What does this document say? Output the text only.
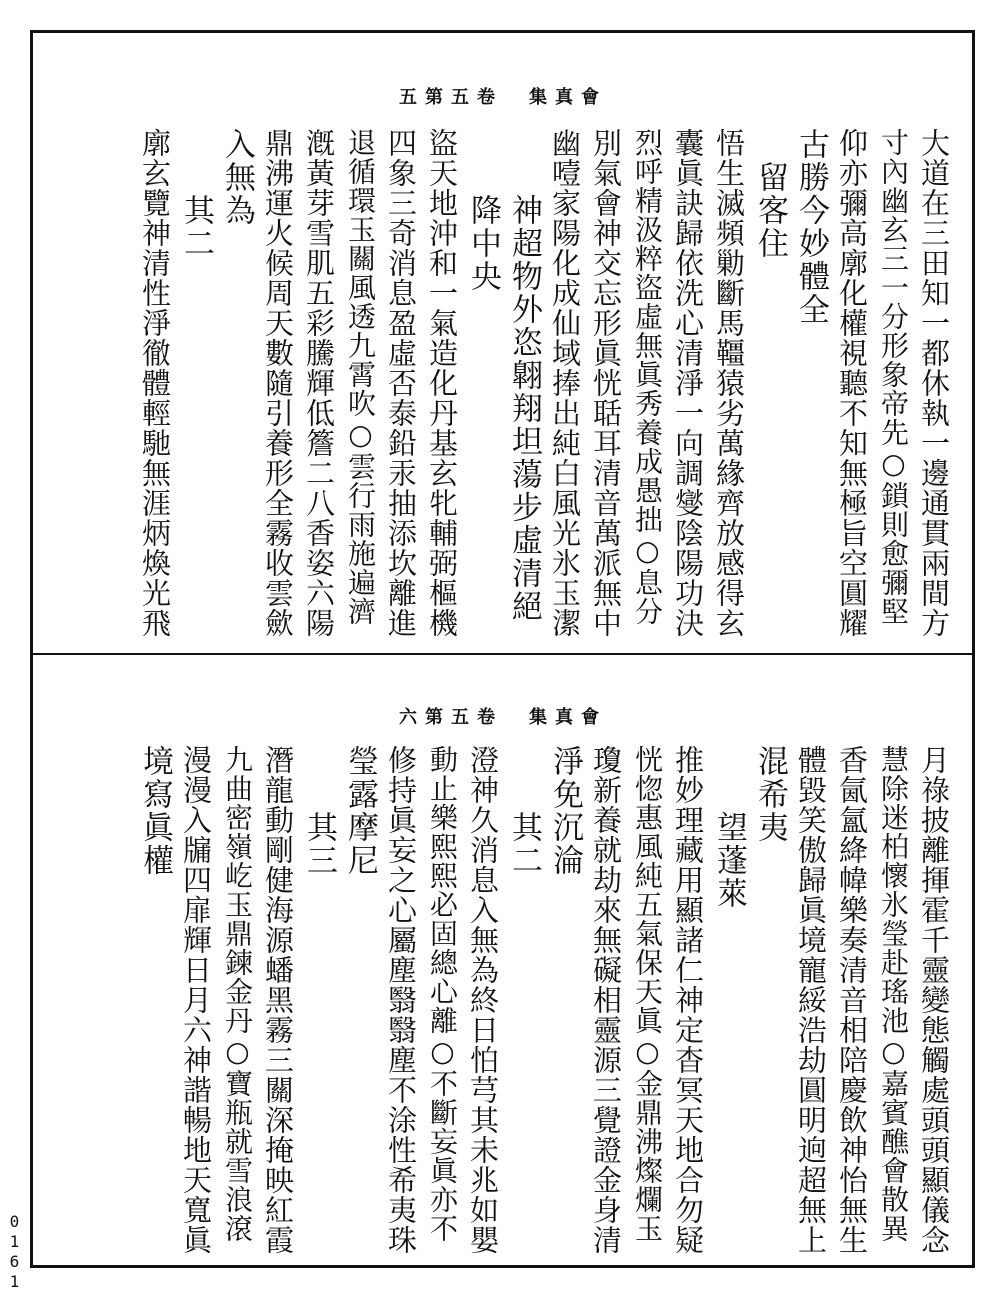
五第五卷　集真會
大道在三田知一都休執一邊通貫兩間方
寸內幽玄三一分形象帝先○鎖則愈彌堅
仰亦彌高廓化權視聽不知無極旨空圓耀
古勝今妙體全
　留客住
悟生滅頻勦斷馬韁猿劣萬緣齊放感得玄
囊眞訣歸依洗心清淨一向調燮陰陽功決
烈呼精汲粹盜虛無眞秀養成愚拙○息分
別氣會神交忘形眞恍聒耳清音萬派無中
幽噎家陽化成仙域捧出純白風光氷玉潔
　　神超物外恣翺翔坦蕩步虛清絕
　　降中央
盜天地沖和一氣造化丹基玄牝輔弼樞機
四象三奇消息盈虛否泰鉛汞抽添坎離進
退循環玉關風透九霄吹○雲行雨施遍濟
漑黃芽雪肌五彩騰輝低簷二八香姿六陽
鼎沸運火候周天數隨引養形全霧收雲歛
入無為
　　其二
廓玄覽神清性淨徹體輕馳無涯炳煥光飛
六第五卷　集真會
月祿披離揮霍千靈變態觸處頭頭顯儀念
慧除迷柏懷氷瑩赴瑤池○嘉賓醮會散異
香氤氳絳幃樂奏清音相陪慶飲神怡無生
體毀笑傲歸眞境寵綏浩劫圓明逈超無上
混希夷
　　望蓬萊
推妙理藏用顯諸仁神定杳冥天地合勿疑
恍惚惠風純五氣保天眞○金鼎沸燦爛玉
瓊新養就劫來無礙相靈源三覺證金身清
淨免沉淪
　　其二
澄神久消息入無為終日怕芎其未兆如嬰
動止樂熙熙必固總心離○不斷妄眞亦不
修持眞妄之心屬塵翳翳塵不涂性希夷珠
瑩露摩尼
　　其三
潛龍動剛健海源蟠黑霧三關深掩映紅霞
九曲密嶺屹玉鼎鍊金丹○寶瓶就雪浪滾
漫漫入牖四扉輝日月六神諧暢地天寬眞
境寫眞權
0161
